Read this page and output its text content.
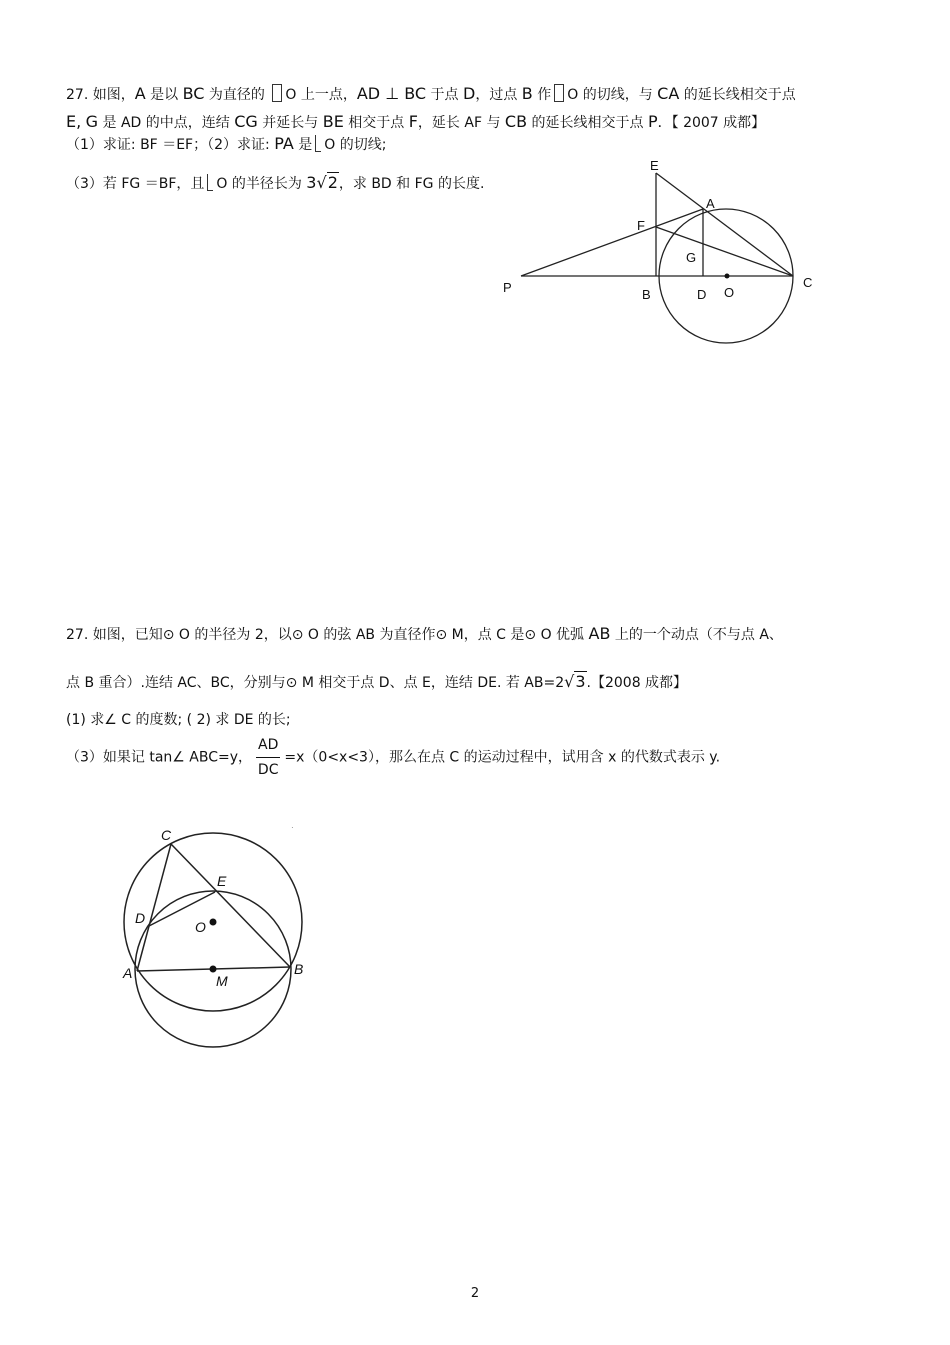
27. 如图，A 是以 BC 为直径的 O 上一点，AD ⊥ BC 于点 D，过点 B 作 O 的切线，与 CA 的延长线相交于点
E, G 是 AD 的中点，连结 CG 并延长与 BE 相交于点 F，延长 AF 与 CB 的延长线相交于点 P．【 2007 成都】
（1）求证: BF ＝EF；（2）求证: PA 是 O 的切线;
（3）若 FG ＝BF，且 O 的半径长为 3√2，求 BD 和 FG 的长度.
E
A
F
G
P	B	D O
C
27. 如图，已知⊙ O 的半径为 2，以⊙ O 的弦 AB 为直径作⊙ M，点 C 是⊙ O 优弧 AB 上的一个动点（不与点 A、
点 B 重合）.连结 AC、BC，分别与⊙ M 相交于点 D、点 E，连结 DE. 若 AB=2√3.【2008 成都】
(1) 求∠ C 的度数; ( 2) 求 DE 的长;
（3）如果记 tan∠ ABC=y， $\frac{AD}{DC} =x(0<x<3)$，那么在点 C 的运动过程中，试用含 x 的代数式表示 y.
C
E
D
O
A	M
B
·
2
